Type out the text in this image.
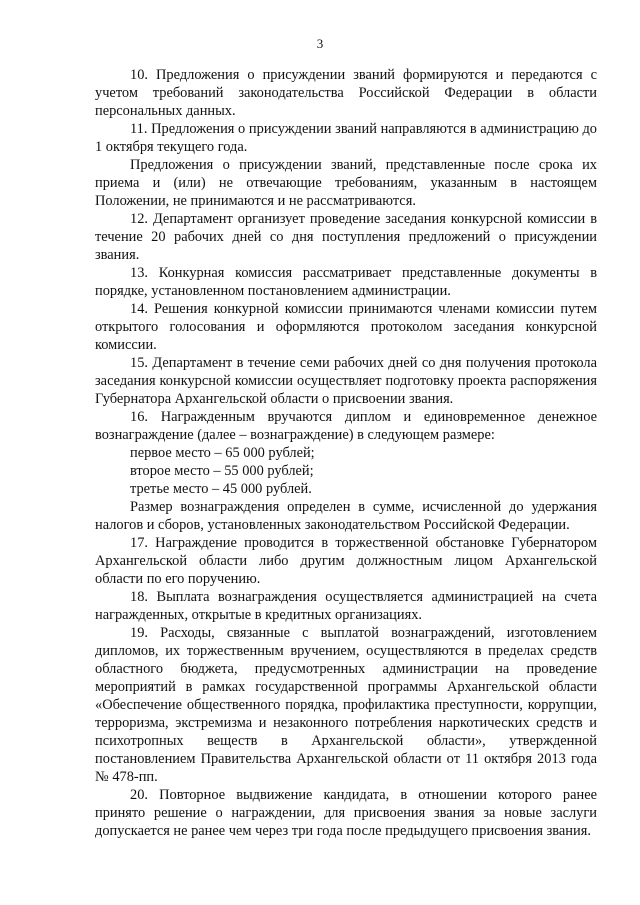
3

10. Предложения о присуждении званий формируются и передаются с учетом требований законодательства Российской Федерации в области персональных данных.

11. Предложения о присуждении званий направляются в администрацию до 1 октября текущего года.

Предложения о присуждении званий, представленные после срока их приема и (или) не отвечающие требованиям, указанным в настоящем Положении, не принимаются и не рассматриваются.

12. Департамент организует проведение заседания конкурсной комиссии в течение 20 рабочих дней со дня поступления предложений о присуждении звания.

13. Конкурная комиссия рассматривает представленные документы в порядке, установленном постановлением администрации.

14. Решения конкурной комиссии принимаются членами комиссии путем открытого голосования и оформляются протоколом заседания конкурсной комиссии.

15. Департамент в течение семи рабочих дней со дня получения протокола заседания конкурсной комиссии осуществляет подготовку проекта распоряжения Губернатора Архангельской области о присвоении звания.

16. Награжденным вручаются диплом и единовременное денежное вознаграждение (далее – вознаграждение) в следующем размере:

первое место – 65 000 рублей;

второе место – 55 000 рублей;

третье место – 45 000 рублей.

Размер вознаграждения определен в сумме, исчисленной до удержания налогов и сборов, установленных законодательством Российской Федерации.

17. Награждение проводится в торжественной обстановке Губернатором Архангельской области либо другим должностным лицом Архангельской области по его поручению.

18. Выплата вознаграждения осуществляется администрацией на счета награжденных, открытые в кредитных организациях.

19. Расходы, связанные с выплатой вознаграждений, изготовлением дипломов, их торжественным вручением, осуществляются в пределах средств областного бюджета, предусмотренных администрации на проведение мероприятий в рамках государственной программы Архангельской области «Обеспечение общественного порядка, профилактика преступности, коррупции, терроризма, экстремизма и незаконного потребления наркотических средств и психотропных веществ в Архангельской области», утвержденной постановлением Правительства Архангельской области от 11 октября 2013 года № 478-пп.

20. Повторное выдвижение кандидата, в отношении которого ранее принято решение о награждении, для присвоения звания за новые заслуги допускается не ранее чем через три года после предыдущего присвоения звания.
